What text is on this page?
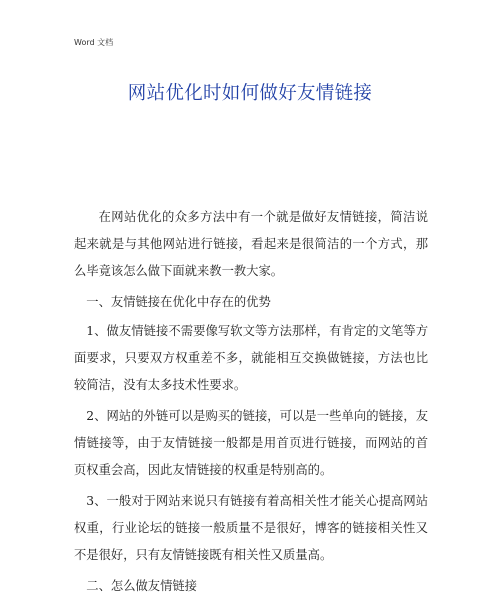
Word 文档
网站优化时如何做好友情链接

在网站优化的众多方法中有一个就是做好友情链接，简洁说起来就是与其他网站进行链接，看起来是很简洁的一个方式，那么毕竟该怎么做下面就来教一教大家。

一、友情链接在优化中存在的优势

1、做友情链接不需要像写软文等方法那样，有肯定的文笔等方面要求，只要双方权重差不多，就能相互交换做链接，方法也比较简洁，没有太多技术性要求。

2、网站的外链可以是购买的链接，可以是一些单向的链接，友情链接等，由于友情链接一般都是用首页进行链接，而网站的首页权重会高，因此友情链接的权重是特别高的。

3、一般对于网站来说只有链接有着高相关性才能关心提高网站权重，行业论坛的链接一般质量不是很好，博客的链接相关性又不是很好，只有友情链接既有相关性又质量高。

二、怎么做友情链接
